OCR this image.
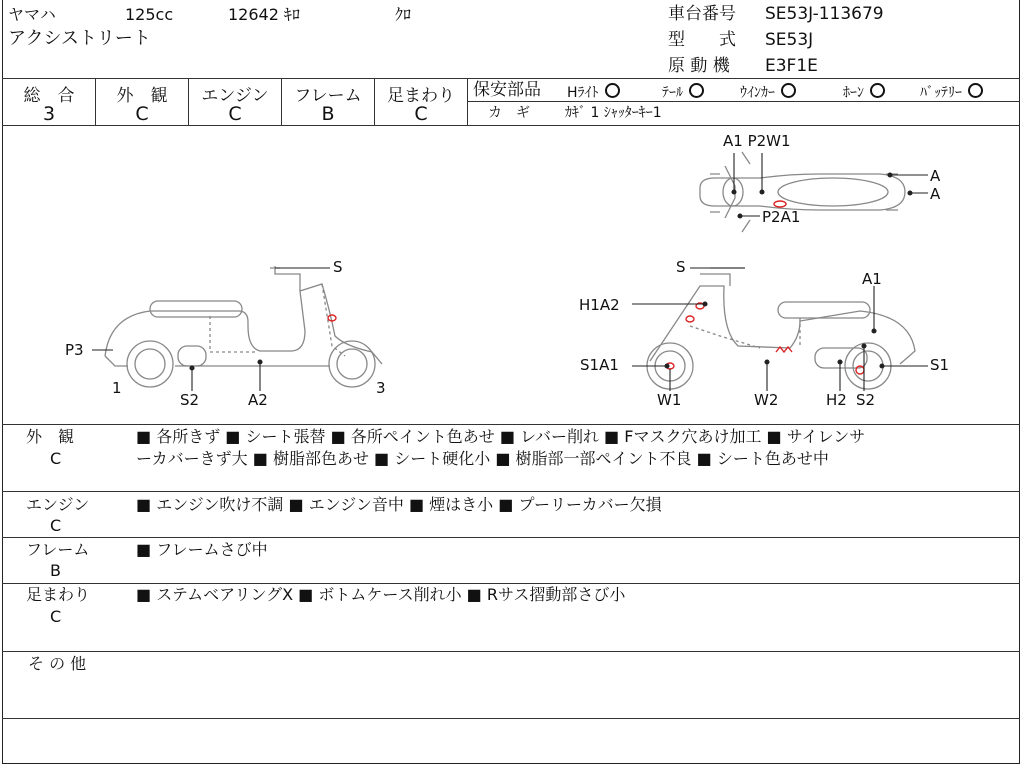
ヤマハ	125cc	12642 ｷﾛ	ｸﾛ
アクシストリート
車台番号 SE53J-113679
型　　式 SE53J
原 動 機 E3F1E
総　合
3
外　観
C
エンジン
C
フレーム
B
足まわり
C
保安部品 Hﾗｲﾄ	ﾃｰﾙ	ｳｲﾝｶｰ	ﾎｰﾝ	ﾊﾞｯﾃﾘｰ
カ　ギ	ｶｷﾞ 1 ｼｬｯﾀｰｷｰ1
A1 P2W1
A
A
P2A1
S
P3
1
S2	A2
3
S
A1
H1A2
S1A1	S1
W1	W2	H2 S2
外　観
C
■ 各所きず ■ シート張替 ■ 各所ペイント色あせ ■ レバー削れ ■ Fマスク穴あけ加工 ■ サイレンサ
ーカバーきず大 ■ 樹脂部色あせ ■ シート硬化小 ■ 樹脂部一部ペイント不良 ■ シート色あせ中
エンジン
C
■ エンジン吹け不調 ■ エンジン音中 ■ 煙はき小 ■ プーリーカバー欠損
フレーム
B
■ フレームさび中
足まわり
C
■ ステムベアリングX ■ ボトムケース削れ小 ■ Rサス摺動部さび小
そ の 他
